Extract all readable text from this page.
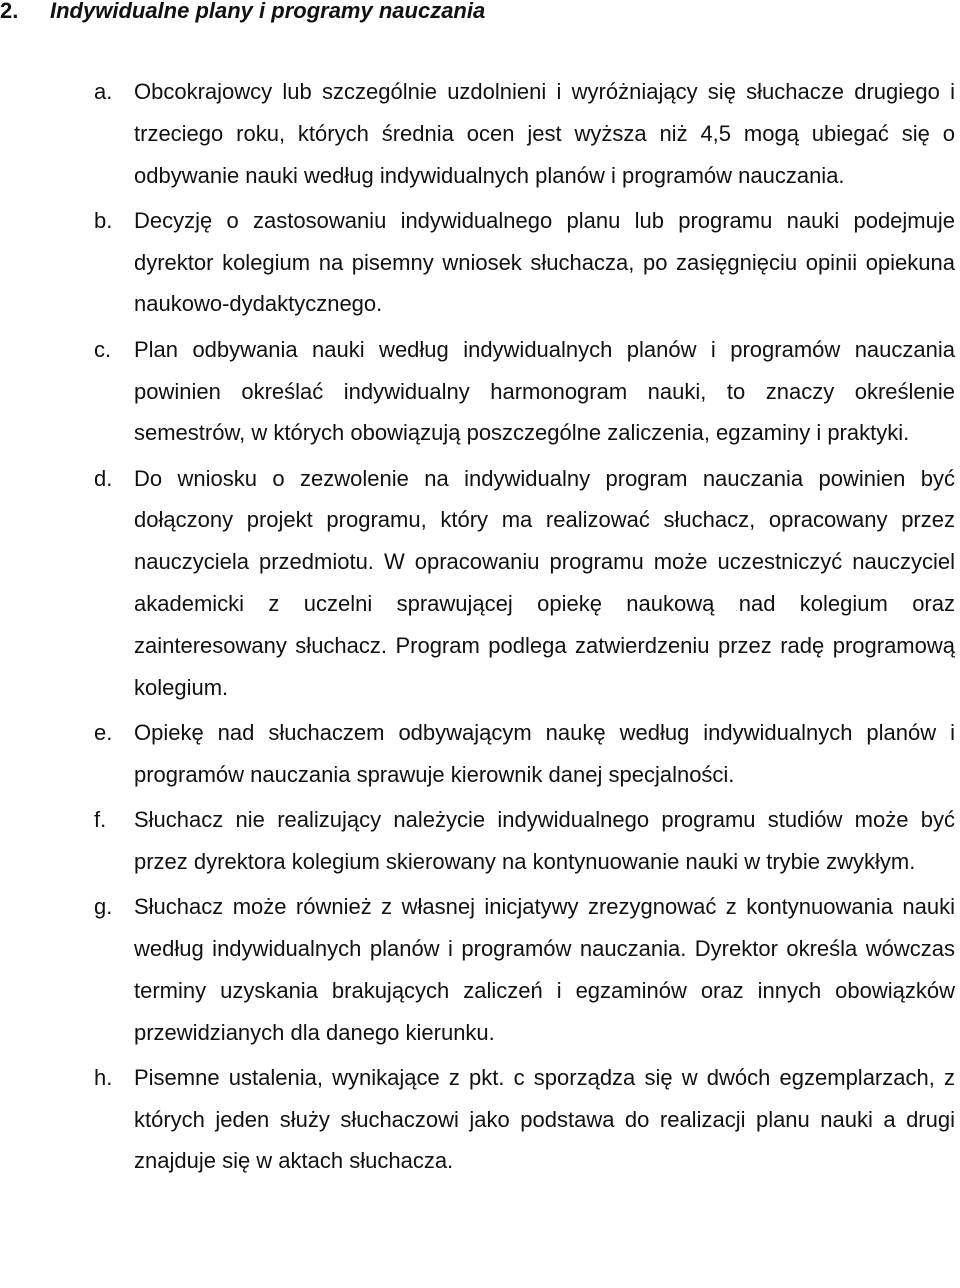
2. Indywidualne plany i programy nauczania
a. Obcokrajowcy lub szczególnie uzdolnieni i wyróżniający się słuchacze drugiego i trzeciego roku, których średnia ocen jest wyższa niż 4,5 mogą ubiegać się o odbywanie nauki według indywidualnych planów i programów nauczania.
b. Decyzję o zastosowaniu indywidualnego planu lub programu nauki podejmuje dyrektor kolegium na pisemny wniosek słuchacza, po zasięgnięciu opinii opiekuna naukowo-dydaktycznego.
c. Plan odbywania nauki według indywidualnych planów i programów nauczania powinien określać indywidualny harmonogram nauki, to znaczy określenie semestrów, w których obowiązują poszczególne zaliczenia, egzaminy i praktyki.
d. Do wniosku o zezwolenie na indywidualny program nauczania powinien być dołączony projekt programu, który ma realizować słuchacz, opracowany przez nauczyciela przedmiotu. W opracowaniu programu może uczestniczyć nauczyciel akademicki z uczelni sprawującej opiekę naukową nad kolegium oraz zainteresowany słuchacz. Program podlega zatwierdzeniu przez radę programową kolegium.
e. Opiekę nad słuchaczem odbywającym naukę według indywidualnych planów i programów nauczania sprawuje kierownik danej specjalności.
f. Słuchacz nie realizujący należycie indywidualnego programu studiów może być przez dyrektora kolegium skierowany na kontynuowanie nauki w trybie zwykłym.
g. Słuchacz może również z własnej inicjatywy zrezygnować z kontynuowania nauki według indywidualnych planów i programów nauczania. Dyrektor określa wówczas terminy uzyskania brakujących zaliczeń i egzaminów oraz innych obowiązków przewidzianych dla danego kierunku.
h. Pisemne ustalenia, wynikające z pkt. c sporządza się w dwóch egzemplarzach, z których jeden służy słuchaczowi jako podstawa do realizacji planu nauki a drugi znajduje się w aktach słuchacza.
